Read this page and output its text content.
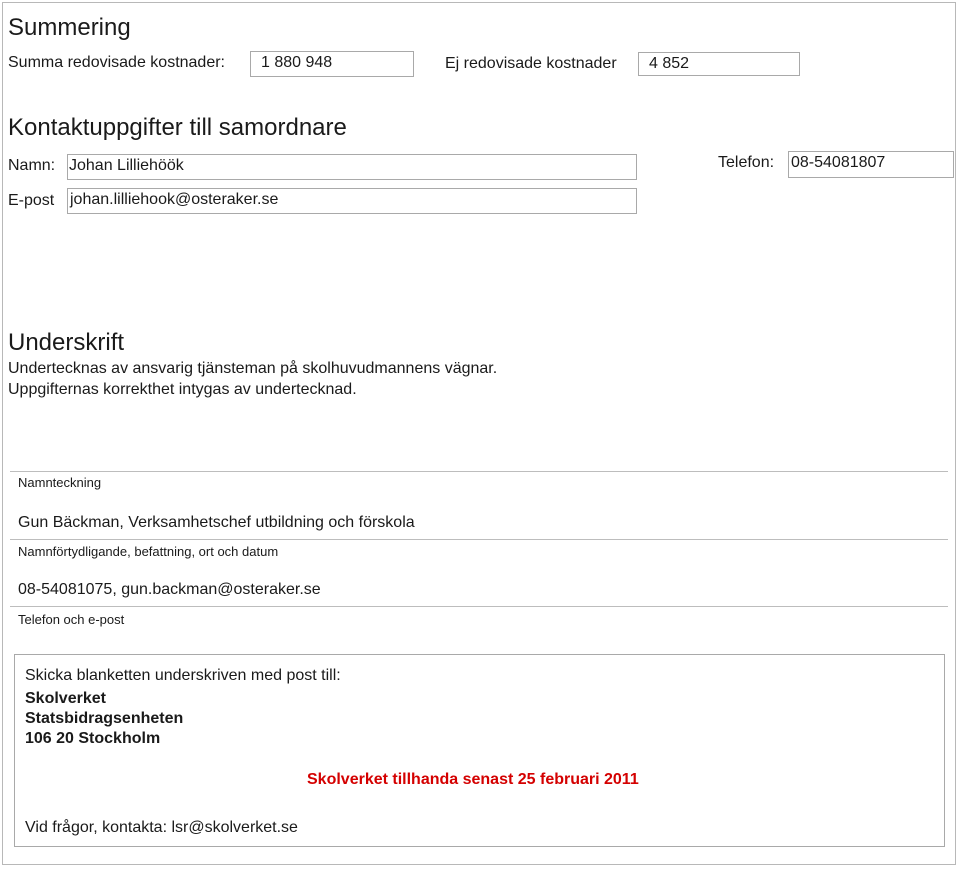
Summering
Summa redovisade kostnader:	1 880 948	Ej redovisade kostnader	4 852
Kontaktuppgifter till samordnare
Namn: Johan Lilliehöök	Telefon: 08-54081807
E-post johan.lilliehook@osteraker.se
Underskrift
Undertecknas av ansvarig tjänsteman på skolhuvudmannens vägnar.
Uppgifternas korrekthet intygas av undertecknad.
Namnteckning
Gun Bäckman, Verksamhetschef utbildning och förskola
Namnförtydligande, befattning, ort och datum
08-54081075, gun.backman@osteraker.se
Telefon och e-post
Skicka blanketten underskriven med post till:
Skolverket
Statsbidragsenheten
106 20 Stockholm
Skolverket tillhanda senast 25 februari 2011
Vid frågor, kontakta: lsr@skolverket.se
